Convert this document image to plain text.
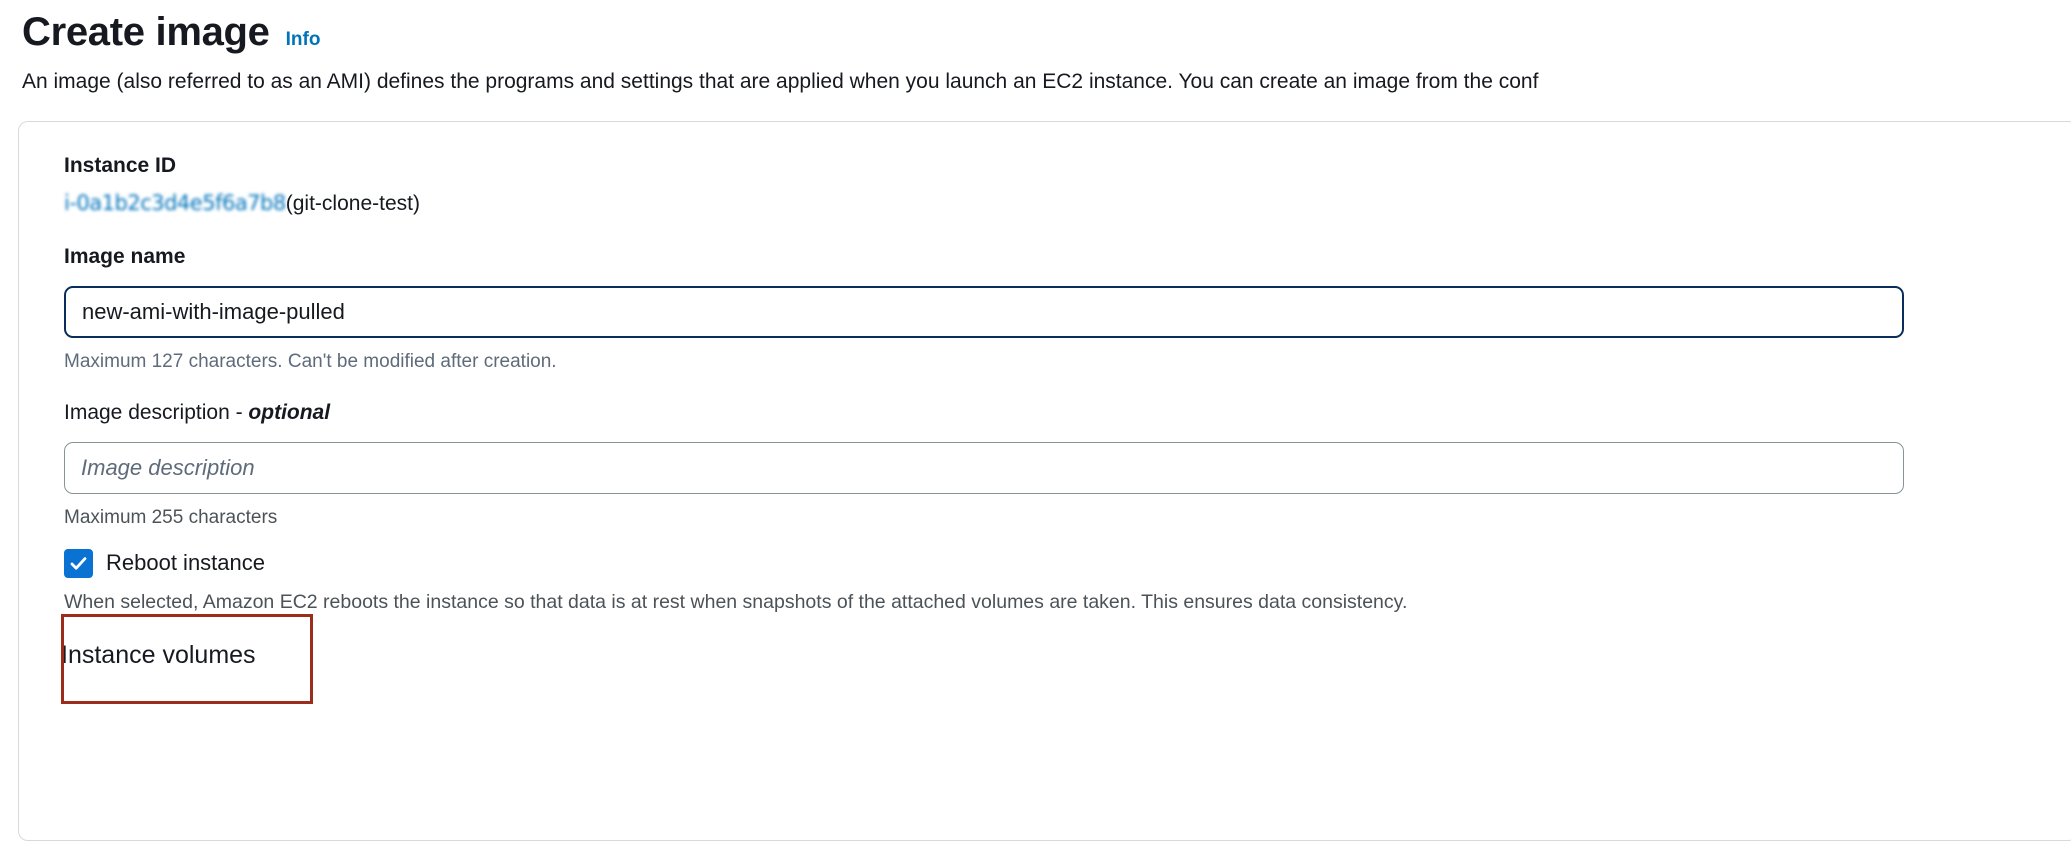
Create image Info
An image (also referred to as an AMI) defines the programs and settings that are applied when you launch an EC2 instance. You can create an image from the conf
Instance ID
i-0a1b2c3d4e5f6a7b8 (git-clone-test)
Image name
new-ami-with-image-pulled
Maximum 127 characters. Can't be modified after creation.
Image description - optional
Image description
Maximum 255 characters
Reboot instance
When selected, Amazon EC2 reboots the instance so that data is at rest when snapshots of the attached volumes are taken. This ensures data consistency.
Instance volumes
